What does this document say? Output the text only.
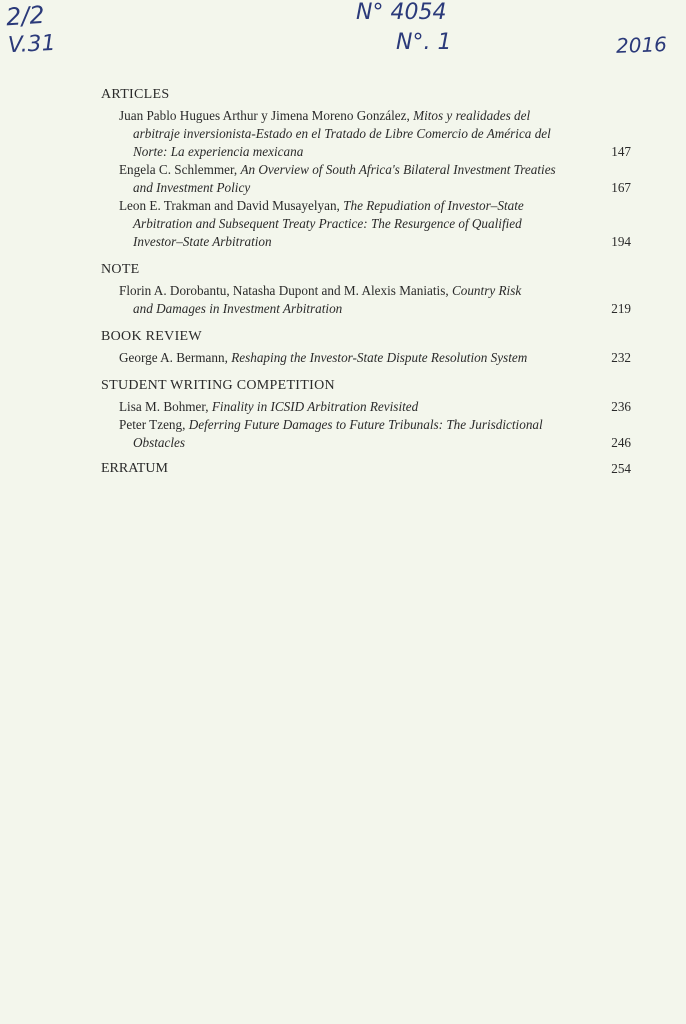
2/2
V.31
N° 4054
N°. 1	2016
ARTICLES
Juan Pablo Hugues Arthur y Jimena Moreno González, Mitos y realidades del
arbitraje inversionista-Estado en el Tratado de Libre Comercio de América del
Norte: La experiencia mexicana	147
Engela C. Schlemmer, An Overview of South Africa's Bilateral Investment Treaties
and Investment Policy	167
Leon E. Trakman and David Musayelyan, The Repudiation of Investor–State
Arbitration and Subsequent Treaty Practice: The Resurgence of Qualified
Investor–State Arbitration	194
NOTE
Florin A. Dorobantu, Natasha Dupont and M. Alexis Maniatis, Country Risk
and Damages in Investment Arbitration	219
BOOK REVIEW
George A. Bermann, Reshaping the Investor-State Dispute Resolution System	232
STUDENT WRITING COMPETITION
Lisa M. Bohmer, Finality in ICSID Arbitration Revisited	236
Peter Tzeng, Deferring Future Damages to Future Tribunals: The Jurisdictional
Obstacles	246
ERRATUM	254
